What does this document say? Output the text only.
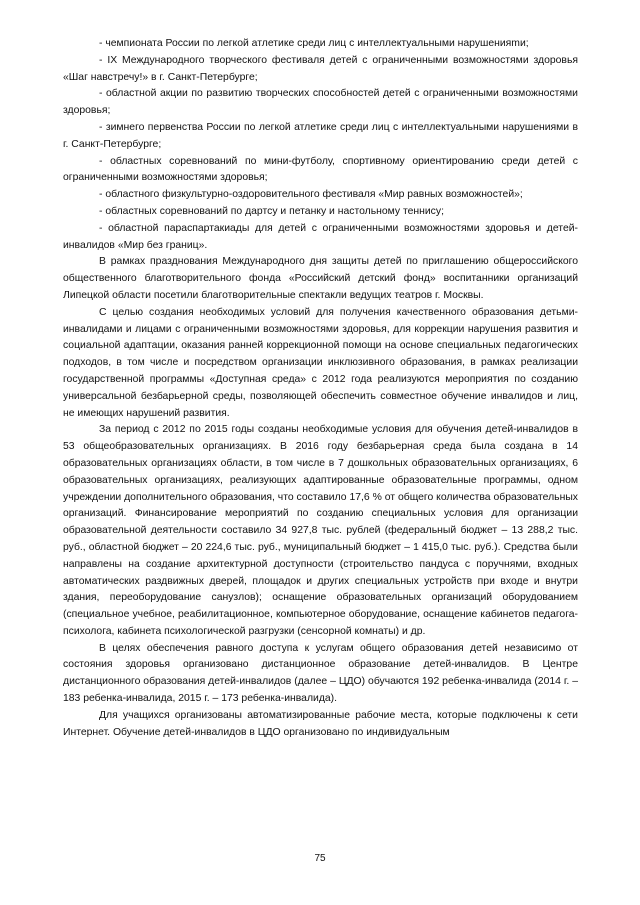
- чемпионата России по легкой атлетике среди лиц с интеллектуальными нарушенияmи;

- IX Международного творческого фестиваля детей с ограниченными возможностями здоровья «Шаг навстречу!» в г. Санкт-Петербурге;

- областной акции по развитию творческих способностей детей с ограниченными возможностями здоровья;

- зимнего первенства России по легкой атлетике среди лиц с интеллектуальными нарушениями в г. Санкт-Петербурге;

- областных соревнований по мини-футболу, спортивному ориентированию среди детей с ограниченными возможностями здоровья;

- областного физкультурно-оздоровительного фестиваля «Мир равных возможностей»;

- областных соревнований по дартсу и петанку и настольному теннису;

- областной параспартакиады для детей с ограниченными возможностями здоровья и детей-инвалидов «Мир без границ».

В рамках празднования Международного дня защиты детей по приглашению общероссийского общественного благотворительного фонда «Российский детский фонд» воспитанники организаций Липецкой области посетили благотворительные спектакли ведущих театров г. Москвы.

С целью создания необходимых условий для получения качественного образования детьми-инвалидами и лицами с ограниченными возможностями здоровья, для коррекции нарушения развития и социальной адаптации, оказания ранней коррекционной помощи на основе специальных педагогических подходов, в том числе и посредством организации инклюзивного образования, в рамках реализации государственной программы «Доступная среда» с 2012 года реализуются мероприятия по созданию универсальной безбарьерной среды, позволяющей обеспечить совместное обучение инвалидов и лиц, не имеющих нарушений развития.

За период с 2012 по 2015 годы созданы необходимые условия для обучения детей-инвалидов в 53 общеобразовательных организациях. В 2016 году безбарьерная среда была создана в 14 образовательных организациях области, в том числе в 7 дошкольных образовательных организациях, 6 образовательных организациях, реализующих адаптированные образовательные программы, одном учреждении дополнительного образования, что составило 17,6 % от общего количества образовательных организаций. Финансирование мероприятий по созданию специальных условия для организации образовательной деятельности составило 34 927,8 тыс. рублей (федеральный бюджет – 13 288,2 тыс. руб., областной бюджет – 20 224,6 тыс. руб., муниципальный бюджет – 1 415,0 тыс. руб.). Средства были направлены на создание архитектурной доступности (строительство пандуса с поручнями, входных автоматических раздвижных дверей, площадок и других специальных устройств при входе и внутри здания, переоборудование санузлов); оснащение образовательных организаций оборудованием (специальное учебное, реабилитационное, компьютерное оборудование, оснащение кабинетов педагога-психолога, кабинета психологической разгрузки (сенсорной комнаты) и др.

В целях обеспечения равного доступа к услугам общего образования детей независимо от состояния здоровья организовано дистанционное образование детей-инвалидов. В Центре дистанционного образования детей-инвалидов (далее – ЦДО) обучаются 192 ребенка-инвалида (2014 г. – 183 ребенка-инвалида, 2015 г. – 173 ребенка-инвалида).

Для учащихся организованы автоматизированные рабочие места, которые подключены к сети Интернет. Обучение детей-инвалидов в ЦДО организовано по индивидуальным

75
